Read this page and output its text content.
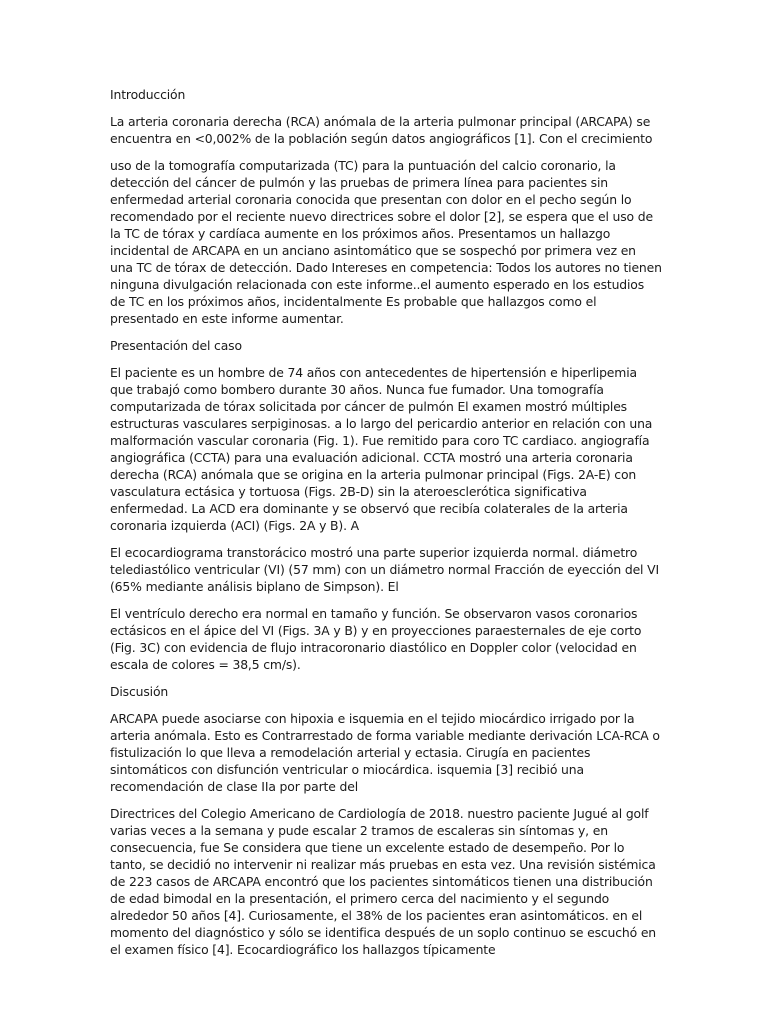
Introducción

La arteria coronaria derecha (RCA) anómala de la arteria pulmonar principal (ARCAPA) se encuentra en <0,002% de la población según datos angiográficos [1]. Con el crecimiento

uso de la tomografía computarizada (TC) para la puntuación del calcio coronario, la detección del cáncer de pulmón y las pruebas de primera línea para pacientes sin enfermedad arterial coronaria conocida que presentan con dolor en el pecho según lo recomendado por el reciente nuevo directrices sobre el dolor [2], se espera que el uso de la TC de tórax y cardíaca aumente en los próximos años. Presentamos un hallazgo incidental de ARCAPA en un anciano asintomático que se sospechó por primera vez en una TC de tórax de detección. Dado Intereses en competencia: Todos los autores no tienen ninguna divulgación relacionada con este informe..el aumento esperado en los estudios de TC en los próximos años, incidentalmente Es probable que hallazgos como el presentado en este informe aumentar.

Presentación del caso

El paciente es un hombre de 74 años con antecedentes de hipertensión e hiperlipemia que trabajó como bombero durante 30 años. Nunca fue fumador. Una tomografía computarizada de tórax solicitada por cáncer de pulmón El examen mostró múltiples estructuras vasculares serpiginosas. a lo largo del pericardio anterior en relación con una malformación vascular coronaria (Fig. 1). Fue remitido para coro TC cardiaco. angiografía angiográfica (CCTA) para una evaluación adicional. CCTA mostró una arteria coronaria derecha (RCA) anómala que se origina en la arteria pulmonar principal (Figs. 2A-E) con vasculatura ectásica y tortuosa (Figs. 2B-D) sin la ateroesclerótica significativa enfermedad. La ACD era dominante y se observó que recibía colaterales de la arteria coronaria izquierda (ACI) (Figs. 2A y B). A

El ecocardiograma transtorácico mostró una parte superior izquierda normal. diámetro telediastólico ventricular (VI) (57 mm) con un diámetro normal Fracción de eyección del VI (65% mediante análisis biplano de Simpson). El

El ventrículo derecho era normal en tamaño y función. Se observaron vasos coronarios ectásicos en el ápice del VI (Figs. 3A y B) y en proyecciones paraesternales de eje corto (Fig. 3C) con evidencia de flujo intracoronario diastólico en Doppler color (velocidad en escala de colores = 38,5 cm/s).

Discusión

ARCAPA puede asociarse con hipoxia e isquemia en el tejido miocárdico irrigado por la arteria anómala. Esto es Contrarrestado de forma variable mediante derivación LCA-RCA o fistulización lo que lleva a remodelación arterial y ectasia. Cirugía en pacientes sintomáticos con disfunción ventricular o miocárdica. isquemia [3] recibió una recomendación de clase IIa por parte del

Directrices del Colegio Americano de Cardiología de 2018. nuestro paciente Jugué al golf varias veces a la semana y pude escalar 2 tramos de escaleras sin síntomas y, en consecuencia, fue Se considera que tiene un excelente estado de desempeño. Por lo tanto, se decidió no intervenir ni realizar más pruebas en esta vez. Una revisión sistémica de 223 casos de ARCAPA encontró que los pacientes sintomáticos tienen una distribución de edad bimodal en la presentación, el primero cerca del nacimiento y el segundo alrededor 50 años [4]. Curiosamente, el 38% de los pacientes eran asintomáticos. en el momento del diagnóstico y sólo se identifica después de un soplo continuo se escuchó en el examen físico [4]. Ecocardiográfico los hallazgos típicamente
